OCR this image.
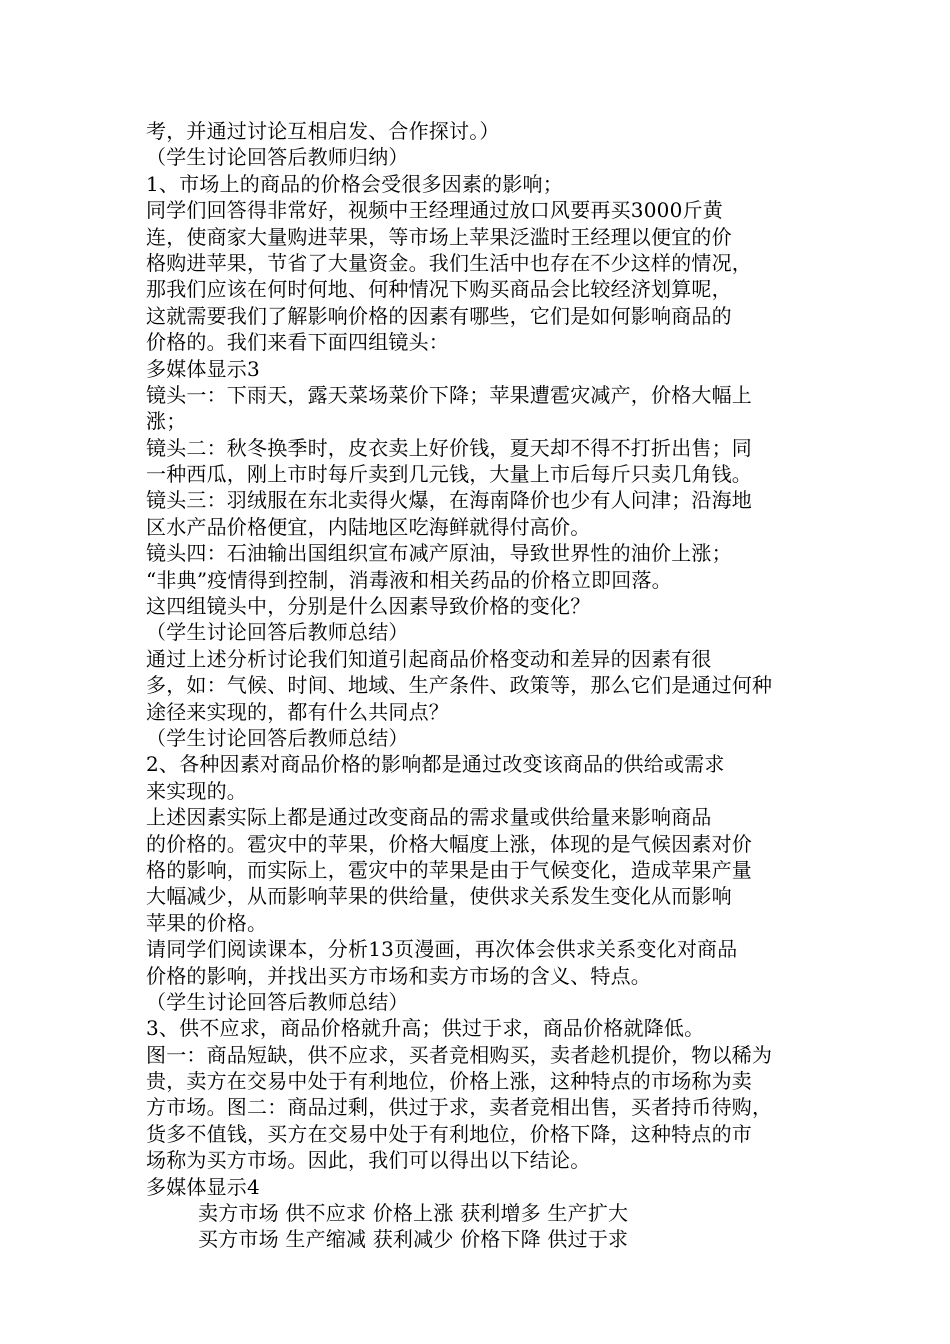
考，并通过讨论互相启发、合作探讨。）
（学生讨论回答后教师归纳）
1、市场上的商品的价格会受很多因素的影响；
同学们回答得非常好，视频中王经理通过放口风要再买3000斤黄
连，使商家大量购进苹果，等市场上苹果泛滥时王经理以便宜的价
格购进苹果，节省了大量资金。我们生活中也存在不少这样的情况，
那我们应该在何时何地、何种情况下购买商品会比较经济划算呢，
这就需要我们了解影响价格的因素有哪些，它们是如何影响商品的
价格的。我们来看下面四组镜头：
多媒体显示3
镜头一：下雨天，露天菜场菜价下降；苹果遭雹灾减产，价格大幅上
涨；
镜头二：秋冬换季时，皮衣卖上好价钱，夏天却不得不打折出售；同
一种西瓜，刚上市时每斤卖到几元钱，大量上市后每斤只卖几角钱。
镜头三：羽绒服在东北卖得火爆，在海南降价也少有人问津；沿海地
区水产品价格便宜，内陆地区吃海鲜就得付高价。
镜头四：石油输出国组织宣布减产原油，导致世界性的油价上涨；
“非典”疫情得到控制，消毒液和相关药品的价格立即回落。
这四组镜头中，分别是什么因素导致价格的变化？
（学生讨论回答后教师总结）
通过上述分析讨论我们知道引起商品价格变动和差异的因素有很
多，如：气候、时间、地域、生产条件、政策等，那么它们是通过何种
途径来实现的，都有什么共同点？
（学生讨论回答后教师总结）
2、各种因素对商品价格的影响都是通过改变该商品的供给或需求
来实现的。
上述因素实际上都是通过改变商品的需求量或供给量来影响商品
的价格的。雹灾中的苹果，价格大幅度上涨，体现的是气候因素对价
格的影响，而实际上，雹灾中的苹果是由于气候变化，造成苹果产量
大幅减少，从而影响苹果的供给量，使供求关系发生变化从而影响
苹果的价格。
请同学们阅读课本，分析13页漫画，再次体会供求关系变化对商品
价格的影响，并找出买方市场和卖方市场的含义、特点。
（学生讨论回答后教师总结）
3、供不应求，商品价格就升高；供过于求，商品价格就降低。
图一：商品短缺，供不应求，买者竞相购买，卖者趁机提价，物以稀为
贵，卖方在交易中处于有利地位，价格上涨，这种特点的市场称为卖
方市场。图二：商品过剩，供过于求，卖者竞相出售，买者持币待购，
货多不值钱，买方在交易中处于有利地位，价格下降，这种特点的市
场称为买方市场。因此，我们可以得出以下结论。
多媒体显示4
卖方市场 供不应求 价格上涨 获利增多 生产扩大
买方市场 生产缩减 获利减少 价格下降 供过于求
